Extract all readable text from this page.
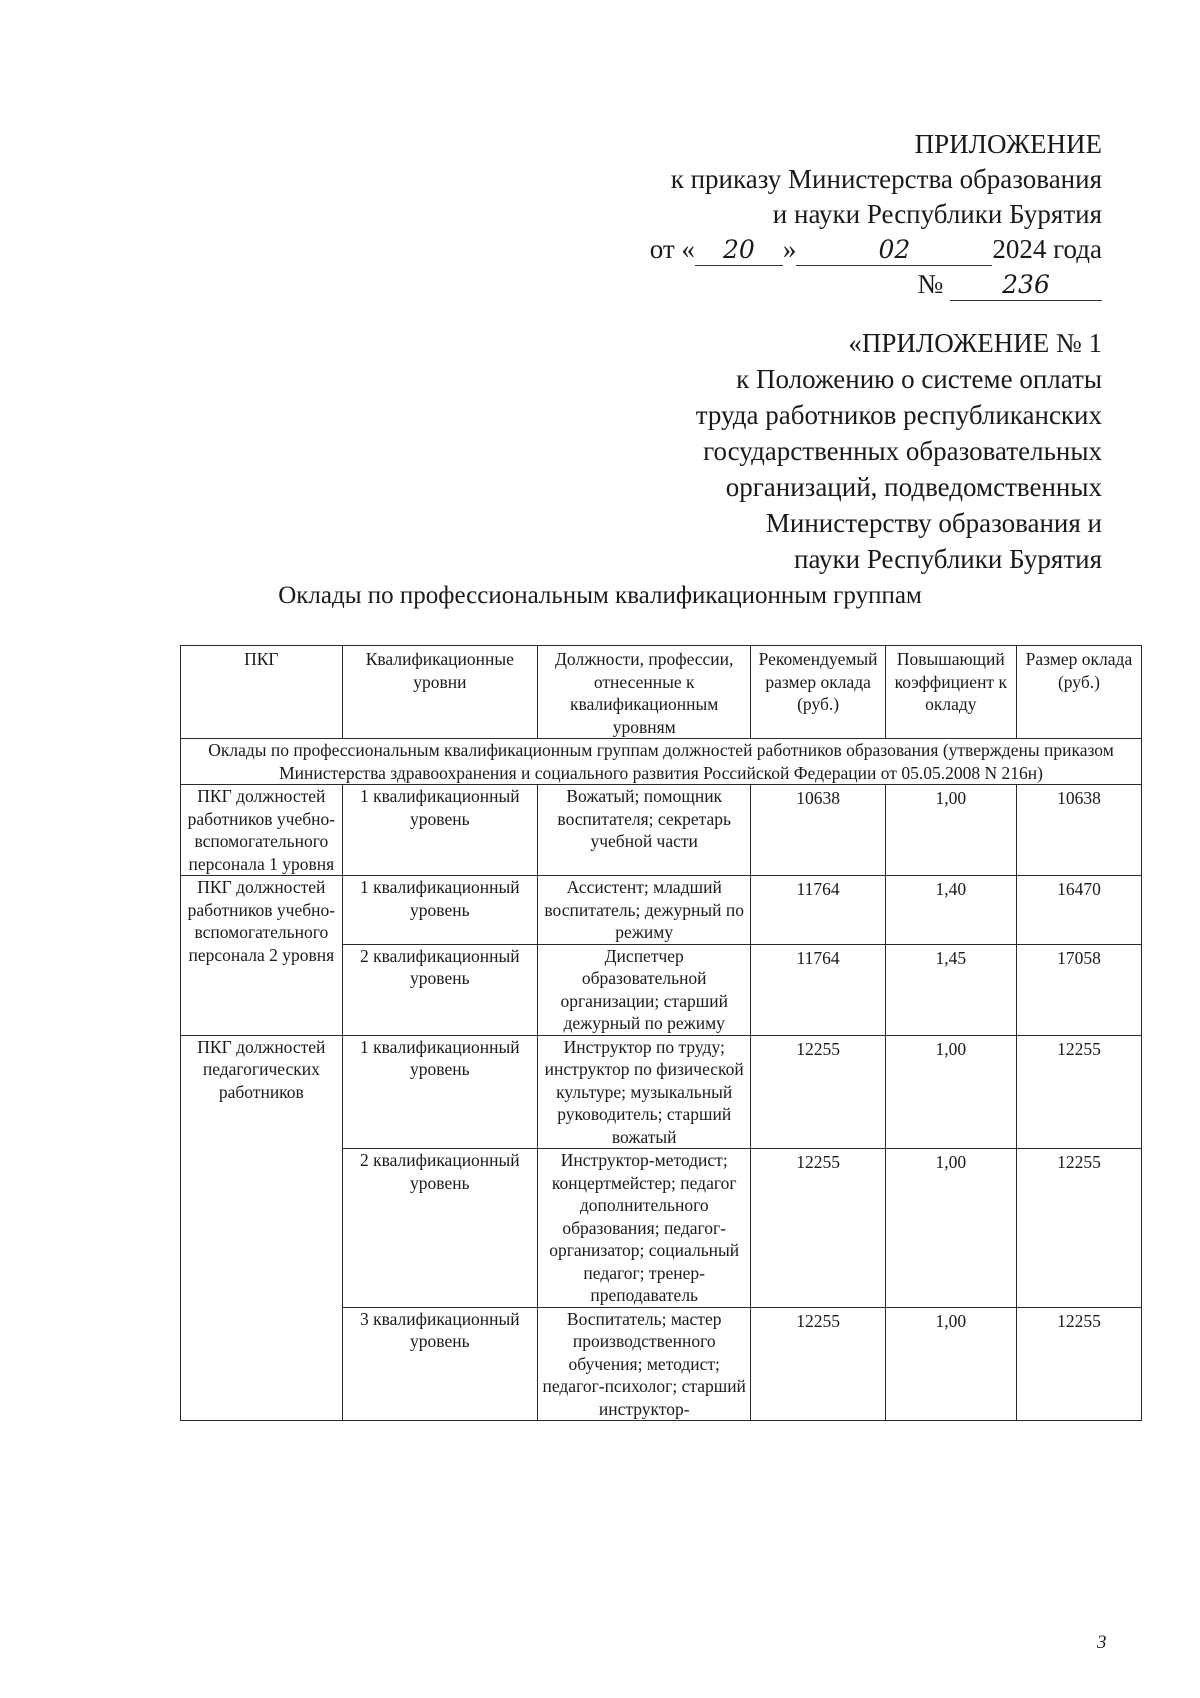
ПРИЛОЖЕНИЕ
к приказу Министерства образования
и науки Республики Бурятия
от « 20 »	02	2024 года
№ 236
«ПРИЛОЖЕНИЕ № 1
к Положению о системе оплаты
труда работников республиканских
государственных образовательных
организаций, подведомственных
Министерству образования и
пауки Республики Бурятия
Оклады по профессиональным квалификационным группам
ПКГ	Квалификационные уровни	Должности, профессии, отнесенные к квалификационным уровням	Рекомендуемый размер оклада (руб.)	Повышающий коэффициент к окладу	Размер оклада (руб.)
Оклады по профессиональным квалификационным группам должностей работников образования (утверждены приказом Министерства здравоохранения и социального развития Российской Федерации от 05.05.2008 N 216н)					
ПКГ должностей работников учебно-вспомогательного персонала 1 уровня	1 квалификационный уровень	Вожатый; помощник воспитателя; секретарь учебной части	10638	1,00	10638
ПКГ должностей работников учебно-вспомогательного персонала 2 уровня	1 квалификационный уровень	Ассистент; младший воспитатель; дежурный по режиму	11764	1,40	16470
	2 квалификационный уровень	Диспетчер образовательной организации; старший дежурный по режиму	11764	1,45	17058
ПКГ должностей педагогических работников	1 квалификационный уровень	Инструктор по труду; инструктор по физической культуре; музыкальный руководитель; старший вожатый	12255	1,00	12255
	2 квалификационный уровень	Инструктор-методист; концертмейстер; педагог дополнительного образования; педагог-организатор; социальный педагог; тренер-преподаватель	12255	1,00	12255
	3 квалификационный уровень	Воспитатель; мастер производственного обучения; методист; педагог-психолог; старший инструктор-	12255	1,00	12255
3
